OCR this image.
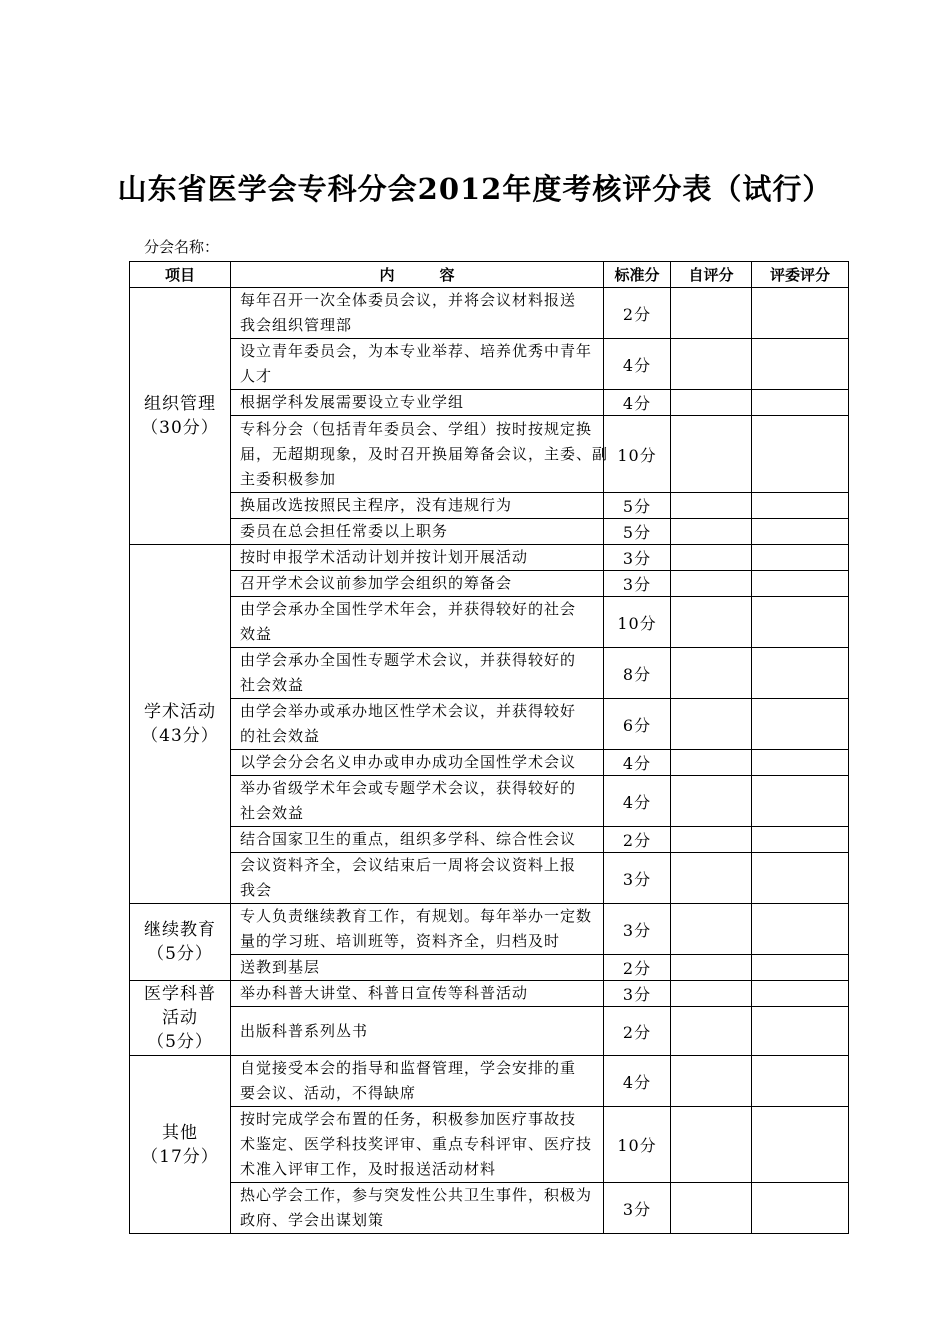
山东省医学会专科分会2012年度考核评分表（试行）
分会名称：
项目	内　　　容	标准分	自评分	评委评分

组织管理
（30分）	每年召开一次全体委员会议，并将会议材料报送
我会组织管理部	2分		

	设立青年委员会，为本专业举荐、培养优秀中青年
人才	4分		

	根据学科发展需要设立专业学组	4分		

	专科分会（包括青年委员会、学组）按时按规定换
届，无超期现象，及时召开换届筹备会议，主委、副
主委积极参加	10分		

	换届改选按照民主程序，没有违规行为	5分		

	委员在总会担任常委以上职务	5分		

学术活动
（43分）	按时申报学术活动计划并按计划开展活动	3分		

	召开学术会议前参加学会组织的筹备会	3分		

	由学会承办全国性学术年会，并获得较好的社会
效益	10分		

	由学会承办全国性专题学术会议，并获得较好的
社会效益	8分		

	由学会举办或承办地区性学术会议，并获得较好
的社会效益	6分		

	以学会分会名义申办或申办成功全国性学术会议	4分		

	举办省级学术年会或专题学术会议，获得较好的
社会效益	4分		

	结合国家卫生的重点，组织多学科、综合性会议	2分		

	会议资料齐全，会议结束后一周将会议资料上报
我会	3分		

继续教育
（5分）	专人负责继续教育工作，有规划。每年举办一定数
量的学习班、培训班等，资料齐全，归档及时	3分		

	送教到基层	2分		

医学科普
活动
（5分）	举办科普大讲堂、科普日宣传等科普活动	3分		

	出版科普系列丛书	2分		

其他
（17分）	自觉接受本会的指导和监督管理，学会安排的重
要会议、活动，不得缺席	4分		

	按时完成学会布置的任务，积极参加医疗事故技
术鉴定、医学科技奖评审、重点专科评审、医疗技
术准入评审工作，及时报送活动材料	10分		

	热心学会工作，参与突发性公共卫生事件，积极为
政府、学会出谋划策	3分		
